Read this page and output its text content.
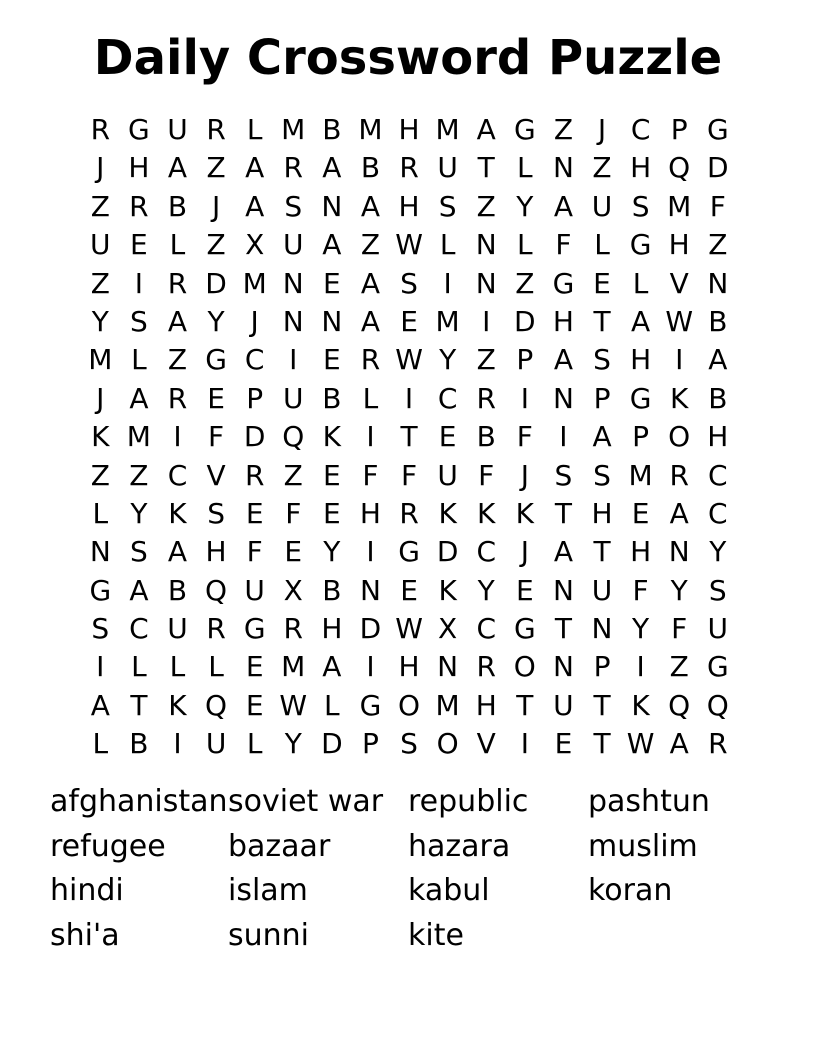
Daily Crossword Puzzle
R G U R L M B M H M A G Z J C P G
J H A Z A R A B R U T L N Z H Q D
Z R B J A S N A H S Z Y A U S M F
U E L Z X U A Z W L N L F L G H Z
Z I R D M N E A S I N Z G E L V N
Y S A Y J N N A E M I D H T A W B
M L Z G C I E R W Y Z P A S H I A
J A R E P U B L I C R I N P G K B
K M I F D Q K I T E B F I A P O H
Z Z C V R Z E F F U F J S S M R C
L Y K S E F E H R K K K T H E A C
N S A H F E Y I G D C J A T H N Y
G A B Q U X B N E K Y E N U F Y S
S C U R G R H D W X C G T N Y F U
I L L L E M A I H N R O N P I Z G
A T K Q E W L G O M H T U T K Q Q
L B I U L Y D P S O V I E T W A R
afghanistan
refugee
hindi
shi'a
soviet war
bazaar
islam
sunni
republic
hazara
kabul
kite
pashtun
muslim
koran
